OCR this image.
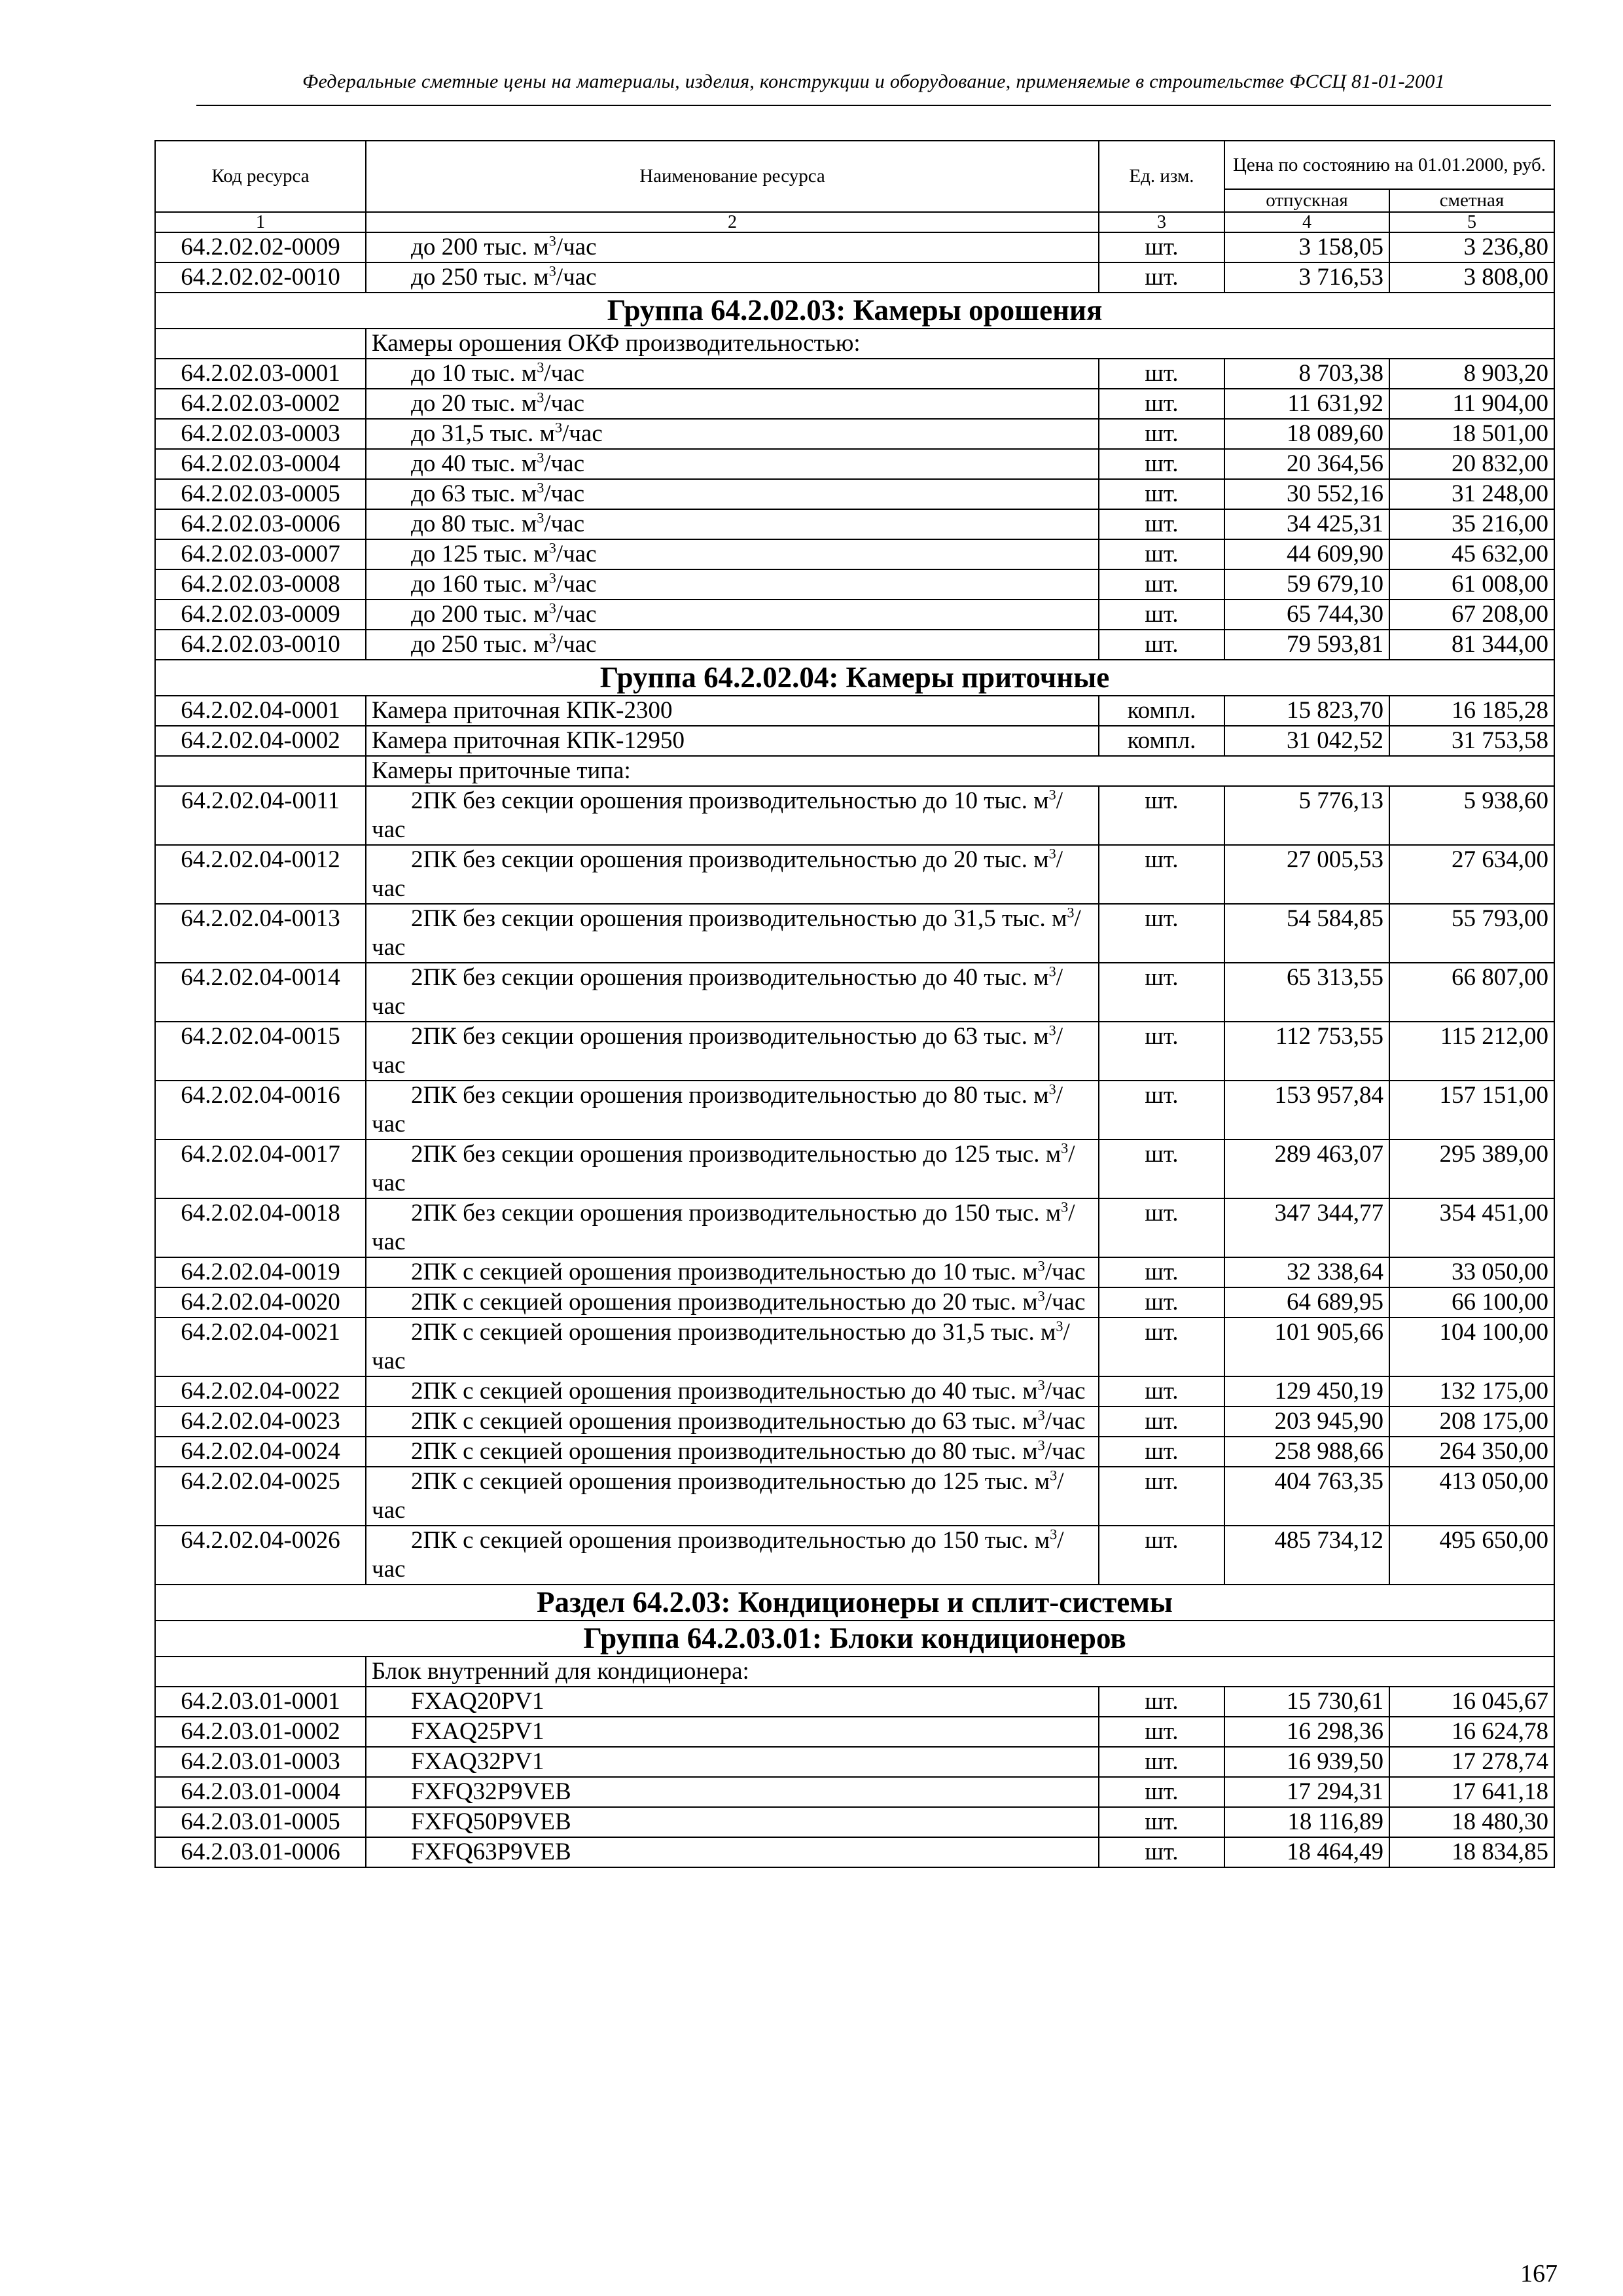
Федеральные сметные цены на материалы, изделия, конструкции и оборудование, применяемые в строительстве ФССЦ 81-01-2001
Код ресурса	Наименование ресурса	Ед. изм.	Цена по состоянию на 01.01.2000, руб.	
			отпускная	сметная
1	2	3	4	5
64.2.02.02-0009	до 200 тыс. $м^3$/час	шт.	3 158,05	3 236,80
64.2.02.02-0010	до 250 тыс. $м^3$/час	шт.	3 716,53	3 808,00
Группа 64.2.02.03: Камеры орошения				
	Камеры орошения ОКФ производительностью:			
64.2.02.03-0001	до 10 тыс. $м^3$/час	шт.	8 703,38	8 903,20
64.2.02.03-0002	до 20 тыс. $м^3$/час	шт.	11 631,92	11 904,00
64.2.02.03-0003	до 31,5 тыс. $м^3$/час	шт.	18 089,60	18 501,00
64.2.02.03-0004	до 40 тыс. $м^3$/час	шт.	20 364,56	20 832,00
64.2.02.03-0005	до 63 тыс. $м^3$/час	шт.	30 552,16	31 248,00
64.2.02.03-0006	до 80 тыс. $м^3$/час	шт.	34 425,31	35 216,00
64.2.02.03-0007	до 125 тыс. $м^3$/час	шт.	44 609,90	45 632,00
64.2.02.03-0008	до 160 тыс. $м^3$/час	шт.	59 679,10	61 008,00
64.2.02.03-0009	до 200 тыс. $м^3$/час	шт.	65 744,30	67 208,00
64.2.02.03-0010	до 250 тыс. $м^3$/час	шт.	79 593,81	81 344,00
Группа 64.2.02.04: Камеры приточные				
64.2.02.04-0001	Камера приточная КПК-2300	компл.	15 823,70	16 185,28
64.2.02.04-0002	Камера приточная КПК-12950	компл.	31 042,52	31 753,58
	Камеры приточные типа:			
64.2.02.04-0011	2ПК без секции орошения производительностью до 10 тыс. $м^3$/час	шт.	5 776,13	5 938,60
64.2.02.04-0012	2ПК без секции орошения производительностью до 20 тыс. $м^3$/час	шт.	27 005,53	27 634,00
64.2.02.04-0013	2ПК без секции орошения производительностью до 31,5 тыс. $м^3$/час	шт.	54 584,85	55 793,00
64.2.02.04-0014	2ПК без секции орошения производительностью до 40 тыс. $м^3$/час	шт.	65 313,55	66 807,00
64.2.02.04-0015	2ПК без секции орошения производительностью до 63 тыс. $м^3$/час	шт.	112 753,55	115 212,00
64.2.02.04-0016	2ПК без секции орошения производительностью до 80 тыс. $м^3$/час	шт.	153 957,84	157 151,00
64.2.02.04-0017	2ПК без секции орошения производительностью до 125 тыс. $м^3$/час	шт.	289 463,07	295 389,00
64.2.02.04-0018	2ПК без секции орошения производительностью до 150 тыс. $м^3$/час	шт.	347 344,77	354 451,00
64.2.02.04-0019	2ПК с секцией орошения производительностью до 10 тыс. $м^3$/час	шт.	32 338,64	33 050,00
64.2.02.04-0020	2ПК с секцией орошения производительностью до 20 тыс. $м^3$/час	шт.	64 689,95	66 100,00
64.2.02.04-0021	2ПК с секцией орошения производительностью до 31,5 тыс. $м^3$/час	шт.	101 905,66	104 100,00
64.2.02.04-0022	2ПК с секцией орошения производительностью до 40 тыс. $м^3$/час	шт.	129 450,19	132 175,00
64.2.02.04-0023	2ПК с секцией орошения производительностью до 63 тыс. $м^3$/час	шт.	203 945,90	208 175,00
64.2.02.04-0024	2ПК с секцией орошения производительностью до 80 тыс. $м^3$/час	шт.	258 988,66	264 350,00
64.2.02.04-0025	2ПК с секцией орошения производительностью до 125 тыс. $м^3$/час	шт.	404 763,35	413 050,00
64.2.02.04-0026	2ПК с секцией орошения производительностью до 150 тыс. $м^3$/час	шт.	485 734,12	495 650,00
Раздел 64.2.03: Кондиционеры и сплит-системы				
Группа 64.2.03.01: Блоки кондиционеров				
	Блок внутренний для кондиционера:			
64.2.03.01-0001	FXAQ20PV1	шт.	15 730,61	16 045,67
64.2.03.01-0002	FXAQ25PV1	шт.	16 298,36	16 624,78
64.2.03.01-0003	FXAQ32PV1	шт.	16 939,50	17 278,74
64.2.03.01-0004	FXFQ32P9VEB	шт.	17 294,31	17 641,18
64.2.03.01-0005	FXFQ50P9VEB	шт.	18 116,89	18 480,30
64.2.03.01-0006	FXFQ63P9VEB	шт.	18 464,49	18 834,85
167
